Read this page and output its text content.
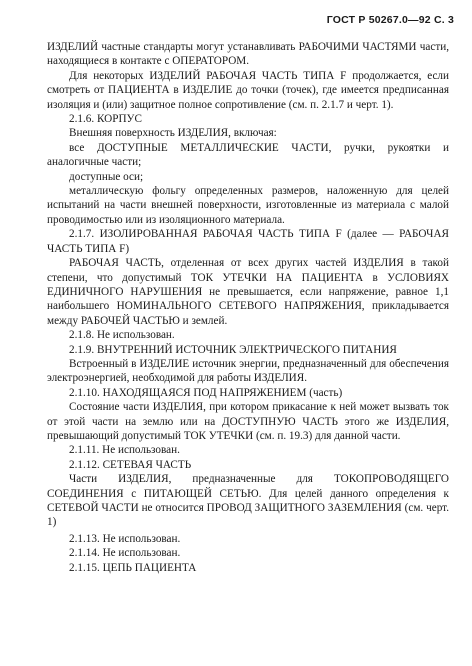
ГОСТ Р 50267.0—92 С. 3

ИЗДЕЛИЙ частные стандарты могут устанавливать РАБОЧИМИ ЧАСТЯМИ части, находящиеся в контакте с ОПЕРАТОРОМ.

Для некоторых ИЗДЕЛИЙ РАБОЧАЯ ЧАСТЬ ТИПА F продолжается, если смотреть от ПАЦИЕНТА в ИЗДЕЛИЕ до точки (точек), где имеется предписанная изоляция и (или) защитное полное сопротивление (см. п. 2.1.7 и черт. 1).

2.1.6. КОРПУС

Внешняя поверхность ИЗДЕЛИЯ, включая:

все ДОСТУПНЫЕ МЕТАЛЛИЧЕСКИЕ ЧАСТИ, ручки, рукоятки и аналогичные части;

доступные оси;

металлическую фольгу определенных размеров, наложенную для целей испытаний на части внешней поверхности, изготовленные из материала с малой проводимостью или из изоляционного материала.

2.1.7. ИЗОЛИРОВАННАЯ РАБОЧАЯ ЧАСТЬ ТИПА F (далее — РАБОЧАЯ ЧАСТЬ ТИПА F)

РАБОЧАЯ ЧАСТЬ, отделенная от всех других частей ИЗДЕЛИЯ в такой степени, что допустимый ТОК УТЕЧКИ НА ПАЦИЕНТА в УСЛОВИЯХ ЕДИНИЧНОГО НАРУШЕНИЯ не превышается, если напряжение, равное 1,1 наибольшего НОМИНАЛЬНОГО СЕТЕВОГО НАПРЯЖЕНИЯ, прикладывается между РАБОЧЕЙ ЧАСТЬЮ и землей.

2.1.8. Не использован.

2.1.9. ВНУТРЕННИЙ ИСТОЧНИК ЭЛЕКТРИЧЕСКОГО ПИТАНИЯ

Встроенный в ИЗДЕЛИЕ источник энергии, предназначенный для обеспечения электроэнергией, необходимой для работы ИЗДЕЛИЯ.

2.1.10. НАХОДЯЩАЯСЯ ПОД НАПРЯЖЕНИЕМ (часть)

Состояние части ИЗДЕЛИЯ, при котором прикасание к ней может вызвать ток от этой части на землю или на ДОСТУПНУЮ ЧАСТЬ этого же ИЗДЕЛИЯ, превышающий допустимый ТОК УТЕЧКИ (см. п. 19.3) для данной части.

2.1.11. Не использован.

2.1.12. СЕТЕВАЯ ЧАСТЬ

Части ИЗДЕЛИЯ, предназначенные для ТОКОПРОВОДЯЩЕГО СОЕДИНЕНИЯ с ПИТАЮЩЕЙ СЕТЬЮ. Для целей данного определения к СЕТЕВОЙ ЧАСТИ не относится ПРОВОД ЗАЩИТНОГО ЗАЗЕМЛЕНИЯ (см. черт. 1)

2.1.13. Не использован.

2.1.14. Не использован.

2.1.15. ЦЕПЬ ПАЦИЕНТА
